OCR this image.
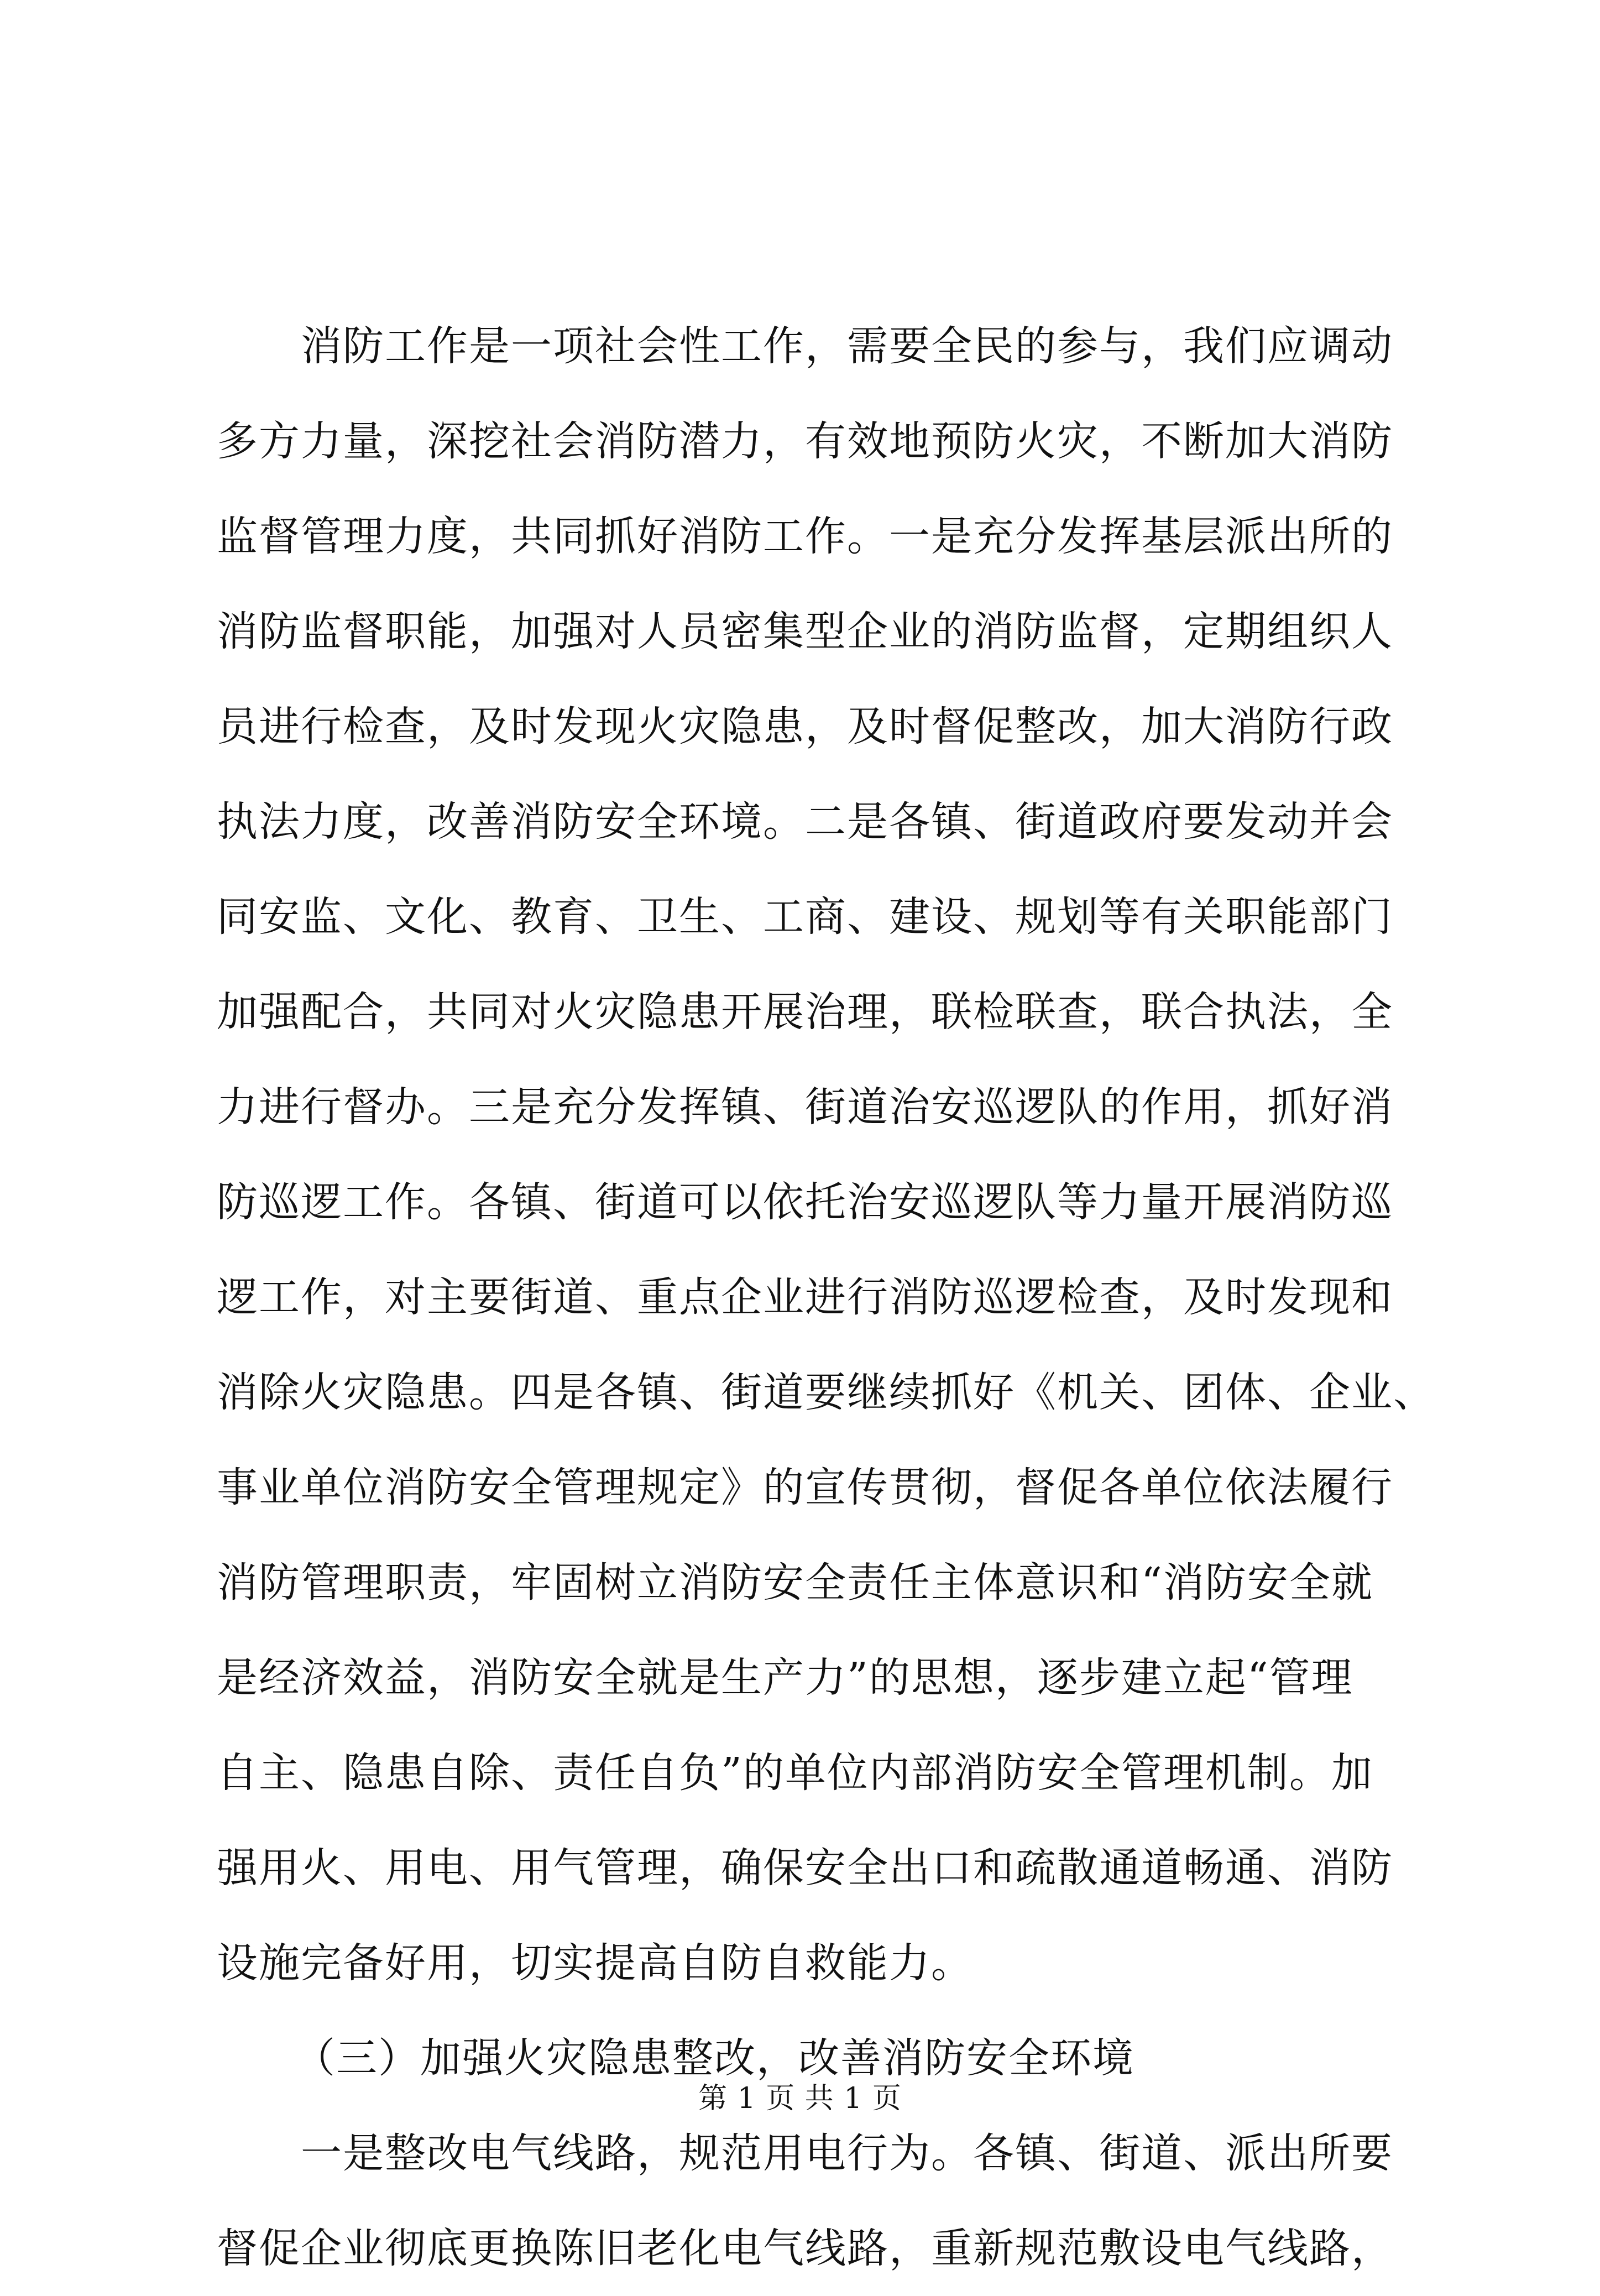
消防工作是一项社会性工作，需要全民的参与，我们应调动
多方力量，深挖社会消防潜力，有效地预防火灾，不断加大消防
监督管理力度，共同抓好消防工作。一是充分发挥基层派出所的
消防监督职能，加强对人员密集型企业的消防监督，定期组织人
员进行检查，及时发现火灾隐患，及时督促整改，加大消防行政
执法力度，改善消防安全环境。二是各镇、街道政府要发动并会
同安监、文化、教育、卫生、工商、建设、规划等有关职能部门
加强配合，共同对火灾隐患开展治理，联检联查，联合执法，全
力进行督办。三是充分发挥镇、街道治安巡逻队的作用，抓好消
防巡逻工作。各镇、街道可以依托治安巡逻队等力量开展消防巡
逻工作，对主要街道、重点企业进行消防巡逻检查，及时发现和
消除火灾隐患。四是各镇、街道要继续抓好《机关、团体、企业、
事业单位消防安全管理规定》的宣传贯彻，督促各单位依法履行
消防管理职责，牢固树立消防安全责任主体意识和“消防安全就
是经济效益，消防安全就是生产力”的思想，逐步建立起“管理
自主、隐患自除、责任自负”的单位内部消防安全管理机制。加
强用火、用电、用气管理，确保安全出口和疏散通道畅通、消防
设施完备好用，切实提高自防自救能力。
（三）加强火灾隐患整改，改善消防安全环境
一是整改电气线路，规范用电行为。各镇、街道、派出所要
督促企业彻底更换陈旧老化电气线路，重新规范敷设电气线路，
第 1 页 共 1 页
